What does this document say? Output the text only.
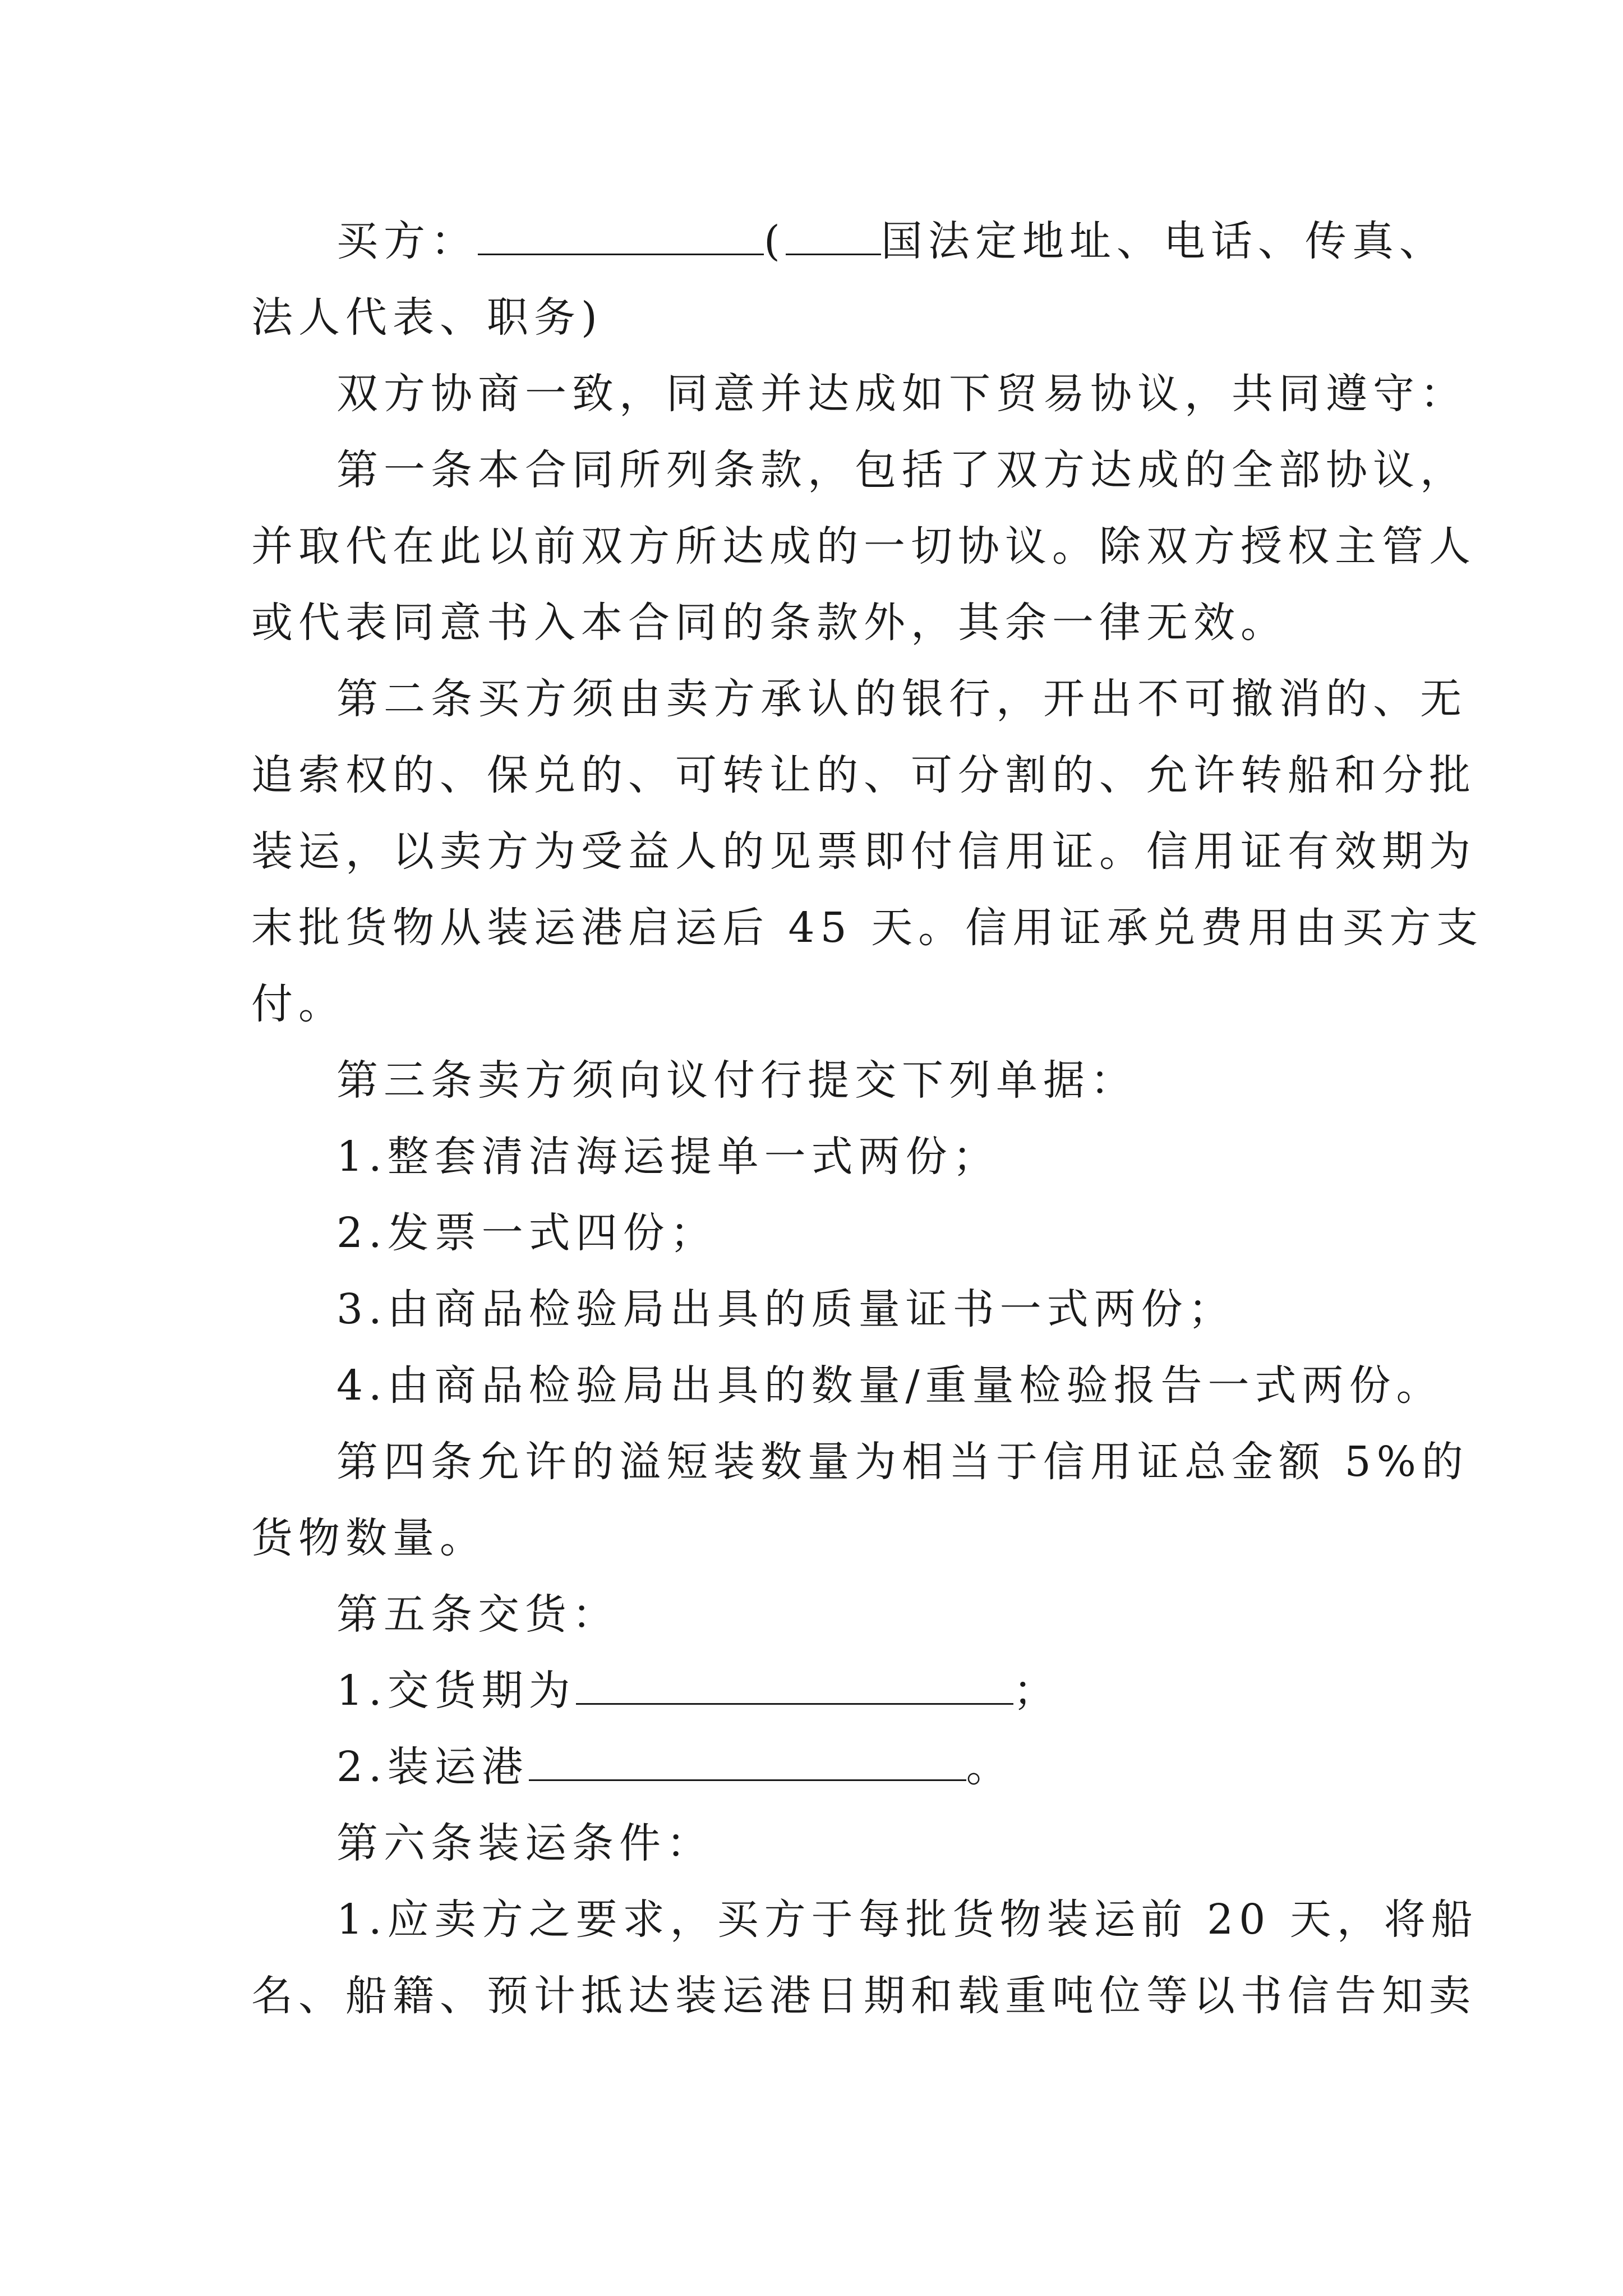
买方：	( 国法定地址、电话、传真、
法人代表、职务)
双方协商一致，同意并达成如下贸易协议，共同遵守：
第一条本合同所列条款，包括了双方达成的全部协议，
并取代在此以前双方所达成的一切协议。除双方授权主管人
或代表同意书入本合同的条款外，其余一律无效。
第二条买方须由卖方承认的银行，开出不可撤消的、无
追索权的、保兑的、可转让的、可分割的、允许转船和分批
装运，以卖方为受益人的见票即付信用证。信用证有效期为
末批货物从装运港启运后 45 天。信用证承兑费用由买方支
付。
第三条卖方须向议付行提交下列单据：
1.整套清洁海运提单一式两份；
2.发票一式四份；
3.由商品检验局出具的质量证书一式两份；
4.由商品检验局出具的数量/重量检验报告一式两份。
第四条允许的溢短装数量为相当于信用证总金额 5%的
货物数量。
第五条交货：
1.交货期为	；
2.装运港	。
第六条装运条件：
1.应卖方之要求，买方于每批货物装运前 20 天，将船
名、船籍、预计抵达装运港日期和载重吨位等以书信告知卖
